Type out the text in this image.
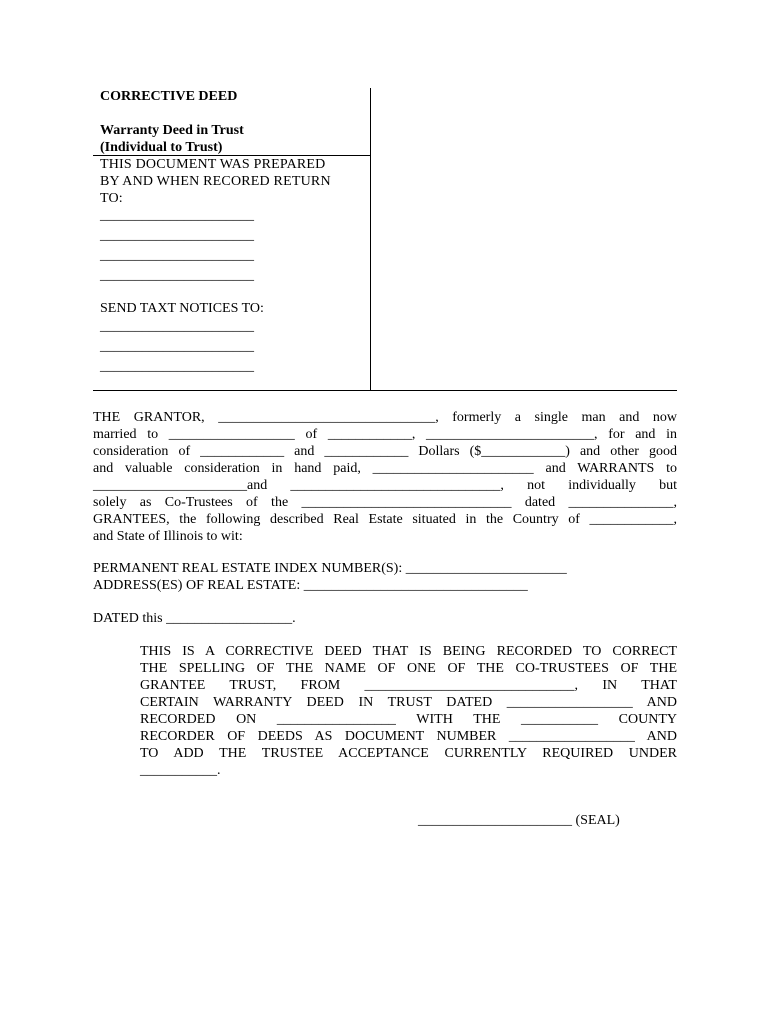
CORRECTIVE DEED
Warranty Deed in Trust
(Individual to Trust)
THIS DOCUMENT WAS PREPARED
BY AND WHEN RECORED RETURN
TO:
______________________
______________________
______________________
______________________
SEND TAXT NOTICES TO:
______________________
______________________
______________________
THE GRANTOR, _______________________________, formerly a single man and now
married to __________________ of ____________, ________________________, for and in
consideration of ____________ and ____________ Dollars ($____________) and other good
and valuable consideration in hand paid, _______________________ and WARRANTS to
______________________and ______________________________, not individually but
solely as Co-Trustees of the ______________________________ dated _______________,
GRANTEES, the following described Real Estate situated in the Country of ____________,
and State of Illinois to wit:
PERMANENT REAL ESTATE INDEX NUMBER(S): _______________________
ADDRESS(ES) OF REAL ESTATE: ________________________________
DATED this __________________.
THIS IS A CORRECTIVE DEED THAT IS BEING RECORDED TO CORRECT
THE SPELLING OF THE NAME OF ONE OF THE CO-TRUSTEES OF THE
GRANTEE TRUST, FROM ______________________________, IN THAT
CERTAIN WARRANTY DEED IN TRUST DATED __________________ AND
RECORDED ON _________________ WITH THE ___________ COUNTY
RECORDER OF DEEDS AS DOCUMENT NUMBER __________________ AND
TO ADD THE TRUSTEE ACCEPTANCE CURRENTLY REQUIRED UNDER
___________.
______________________ (SEAL)
